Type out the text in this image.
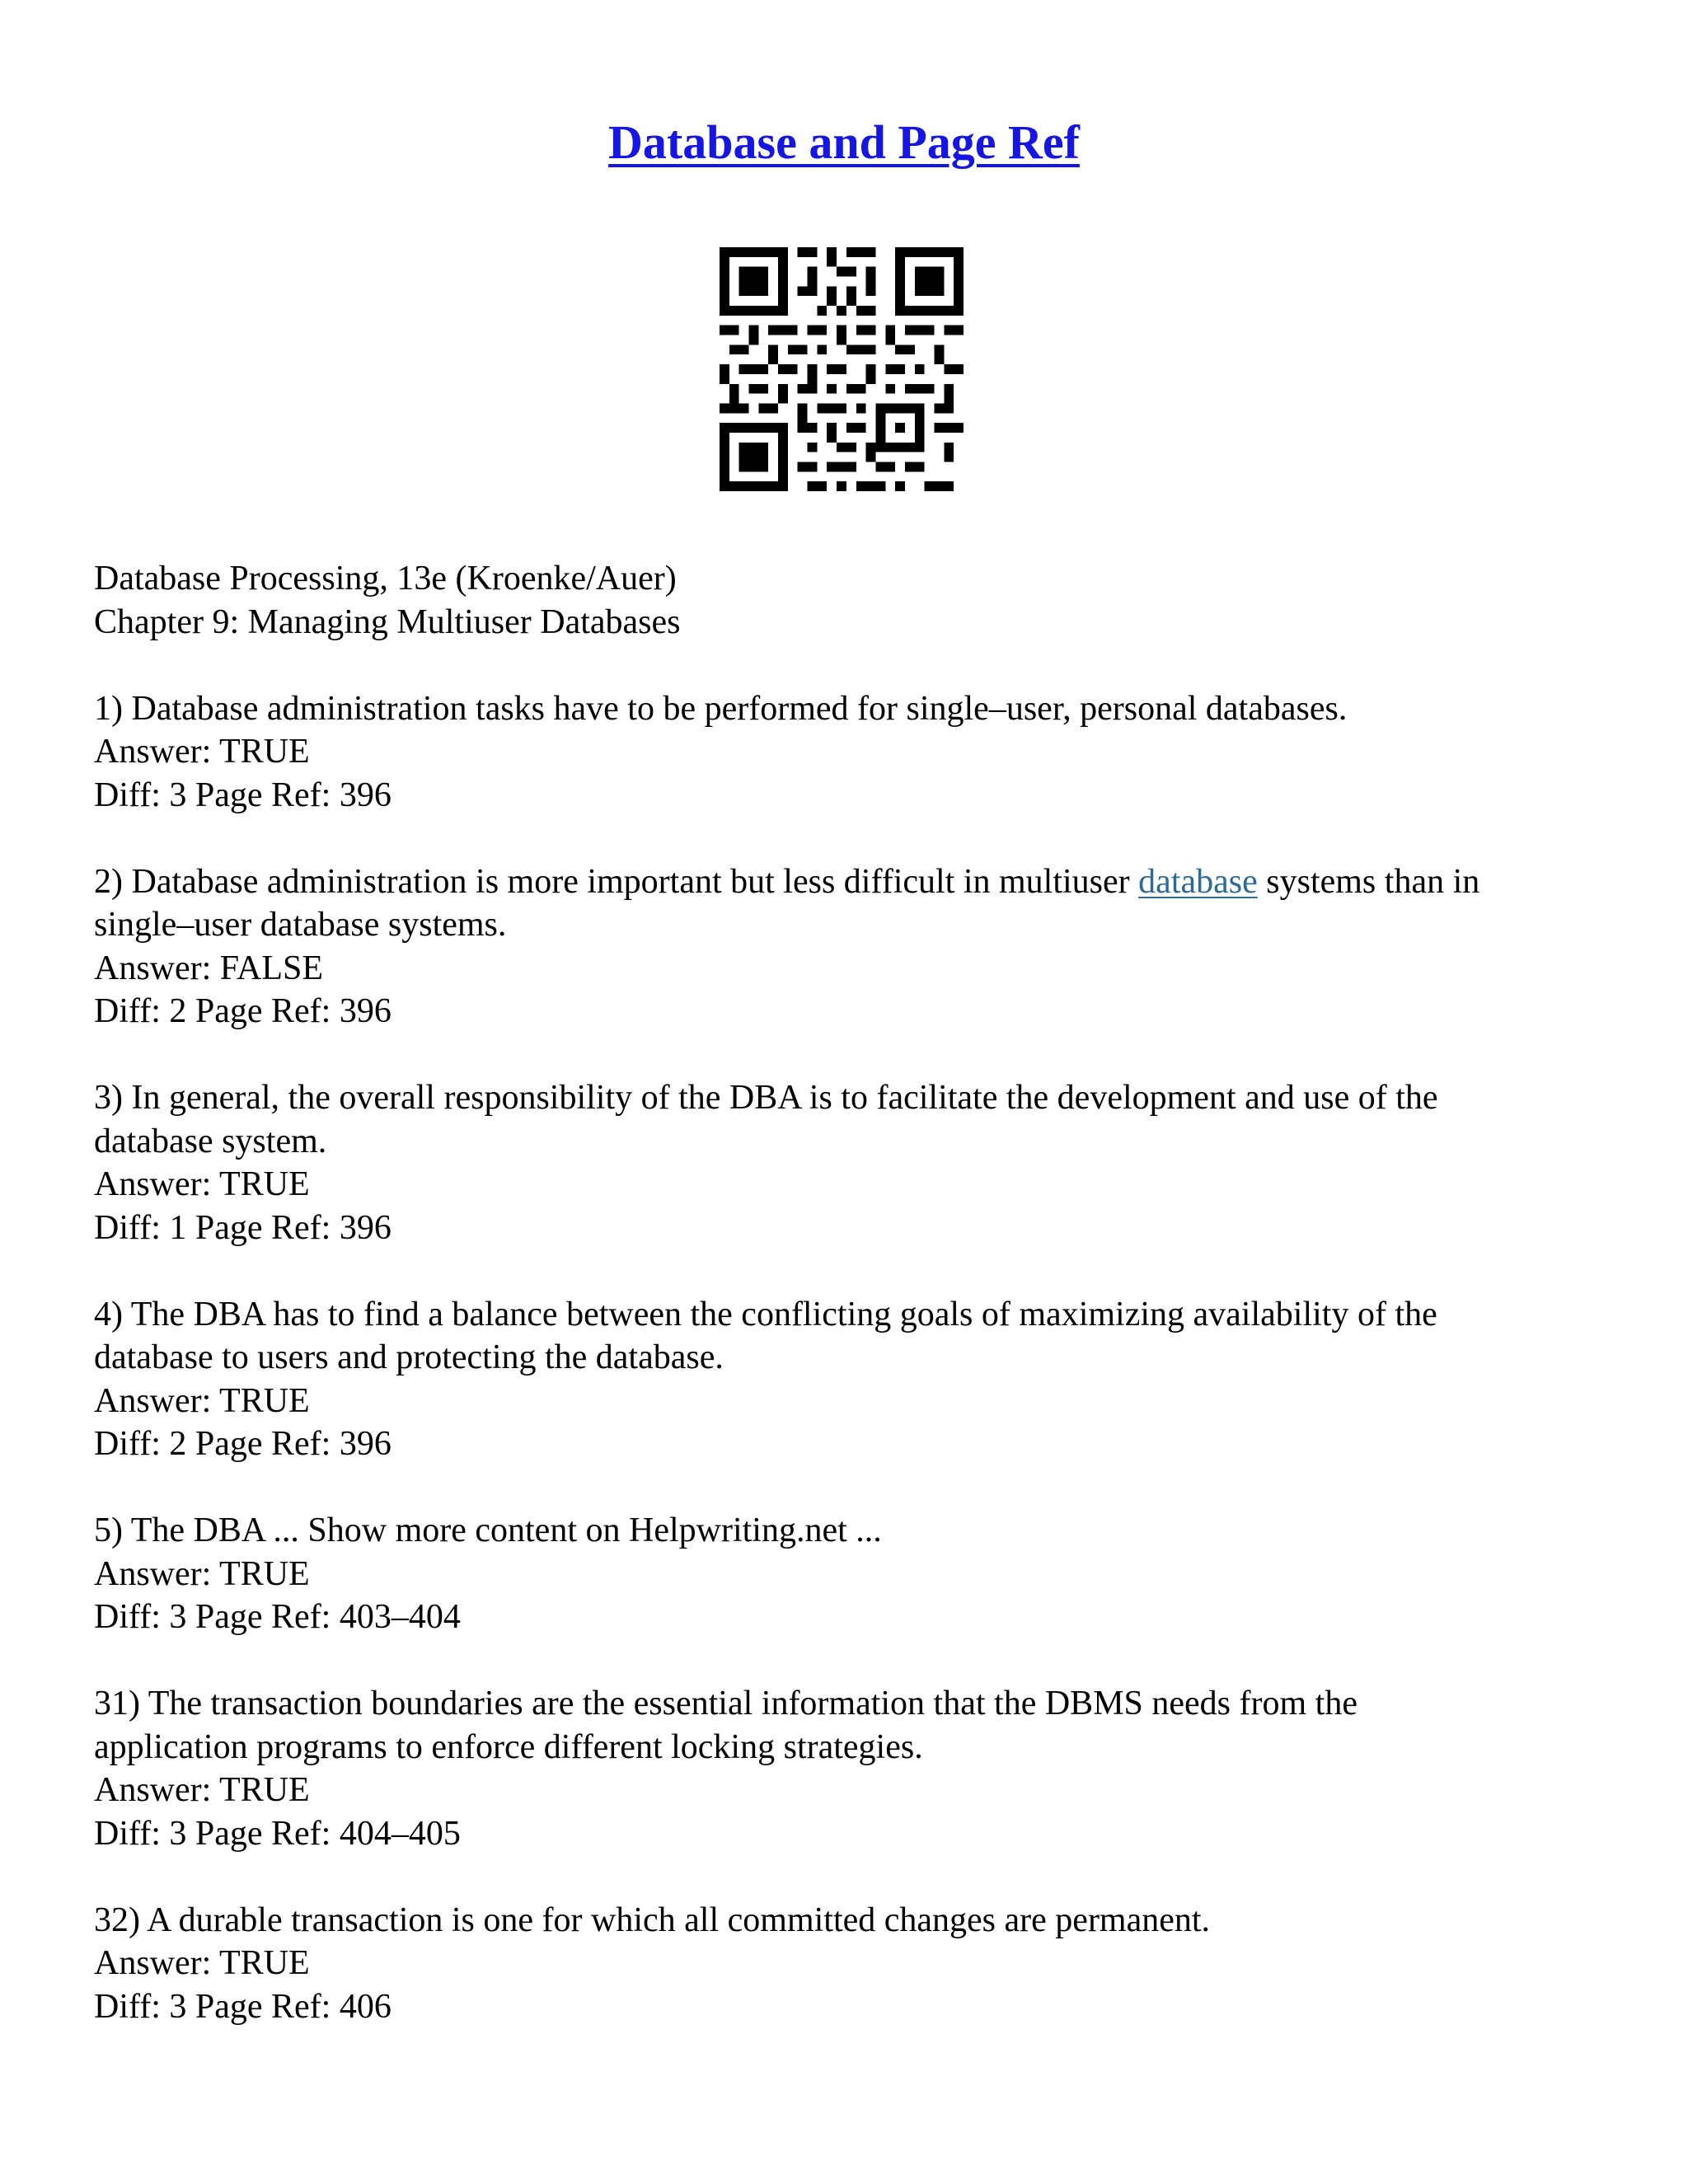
Database and Page Ref
Database Processing, 13e (Kroenke/Auer)
Chapter 9: Managing Multiuser Databases
1) Database administration tasks have to be performed for single–user, personal databases.
Answer: TRUE
Diff: 3 Page Ref: 396
2) Database administration is more important but less difficult in multiuser database systems than in
single–user database systems.
Answer: FALSE
Diff: 2 Page Ref: 396
3) In general, the overall responsibility of the DBA is to facilitate the development and use of the
database system.
Answer: TRUE
Diff: 1 Page Ref: 396
4) The DBA has to find a balance between the conflicting goals of maximizing availability of the
database to users and protecting the database.
Answer: TRUE
Diff: 2 Page Ref: 396
5) The DBA ... Show more content on Helpwriting.net ...
Answer: TRUE
Diff: 3 Page Ref: 403–404
31) The transaction boundaries are the essential information that the DBMS needs from the
application programs to enforce different locking strategies.
Answer: TRUE
Diff: 3 Page Ref: 404–405
32) A durable transaction is one for which all committed changes are permanent.
Answer: TRUE
Diff: 3 Page Ref: 406
